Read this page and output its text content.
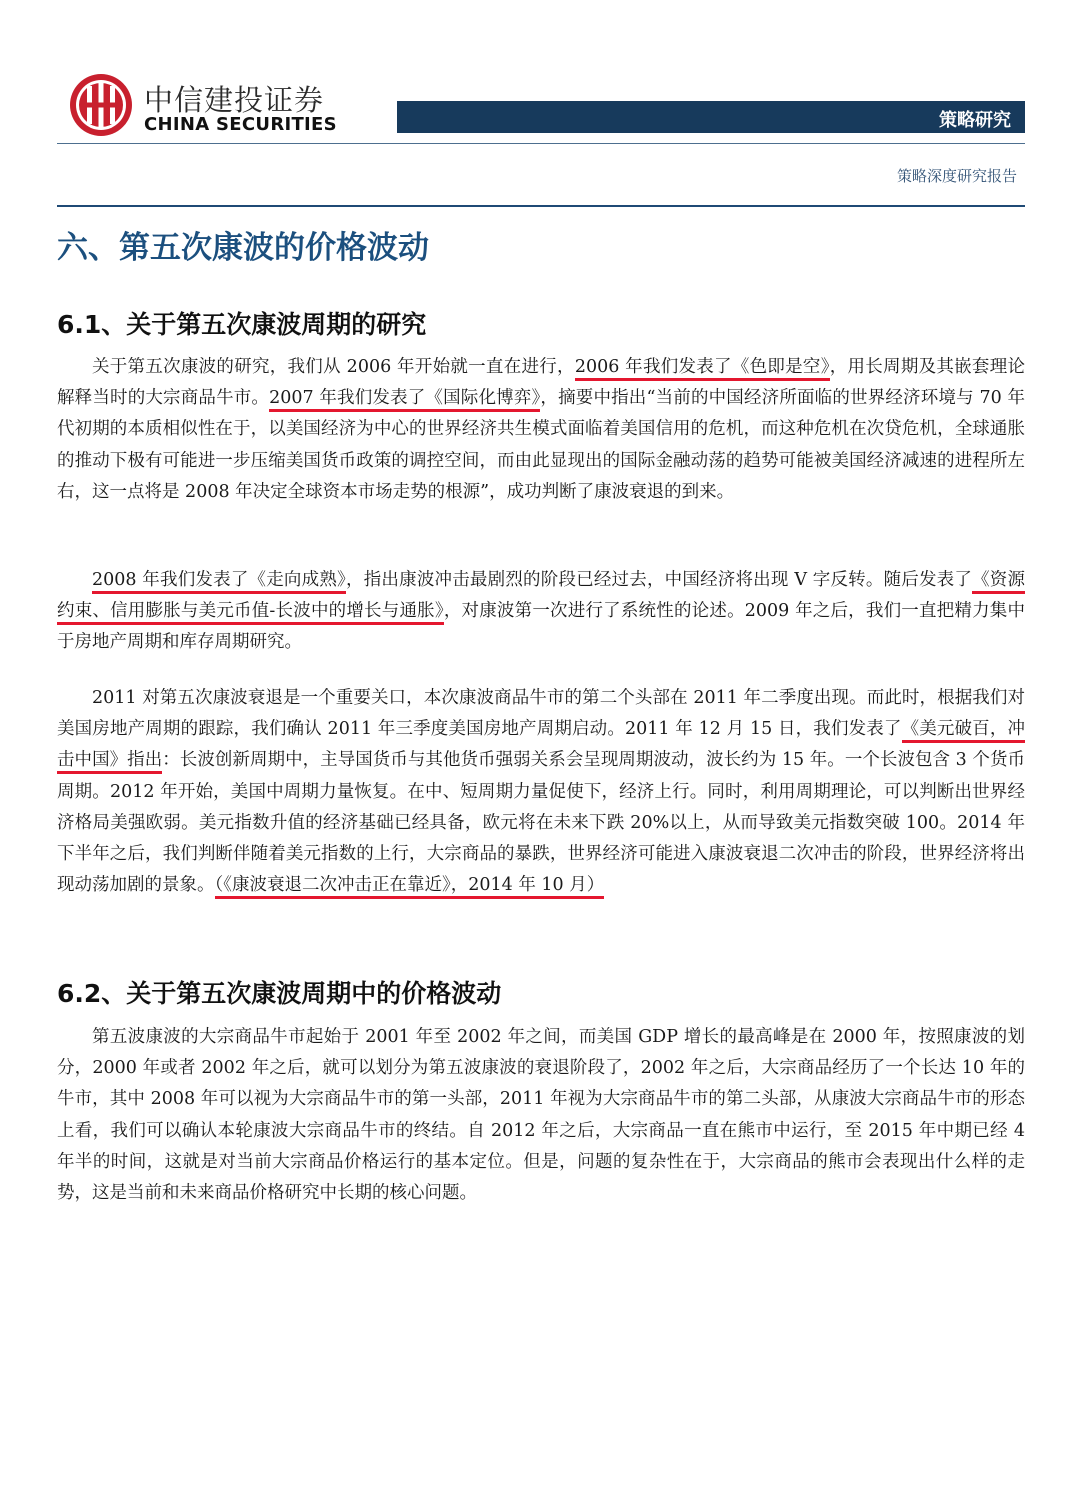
中信建投证券
CHINA SECURITIES	策略研究
策略深度研究报告
六、第五次康波的价格波动
6.1、关于第五次康波周期的研究

关于第五次康波的研究，我们从 2006 年开始就一直在进行，2006 年我们发表了《色即是空》，用长周期及其嵌套理论解释当时的大宗商品牛市。2007 年我们发表了《国际化博弈》，摘要中指出“当前的中国经济所面临的世界经济环境与 70 年代初期的本质相似性在于，以美国经济为中心的世界经济共生模式面临着美国信用的危机，而这种危机在次贷危机，全球通胀的推动下极有可能进一步压缩美国货币政策的调控空间，而由此显现出的国际金融动荡的趋势可能被美国经济减速的进程所左右，这一点将是 2008 年决定全球资本市场走势的根源”，成功判断了康波衰退的到来。

2008 年我们发表了《走向成熟》，指出康波冲击最剧烈的阶段已经过去，中国经济将出现 V 字反转。随后发表了《资源约束、信用膨胀与美元币值-长波中的增长与通胀》，对康波第一次进行了系统性的论述。2009 年之后，我们一直把精力集中于房地产周期和库存周期研究。

2011 对第五次康波衰退是一个重要关口，本次康波商品牛市的第二个头部在 2011 年二季度出现。而此时，根据我们对美国房地产周期的跟踪，我们确认 2011 年三季度美国房地产周期启动。2011 年 12 月 15 日，我们发表了《美元破百，冲击中国》指出：长波创新周期中，主导国货币与其他货币强弱关系会呈现周期波动，波长约为 15 年。一个长波包含 3 个货币周期。2012 年开始，美国中周期力量恢复。在中、短周期力量促使下，经济上行。同时，利用周期理论，可以判断出世界经济格局美强欧弱。美元指数升值的经济基础已经具备，欧元将在未来下跌 20%以上，从而导致美元指数突破 100。2014 年下半年之后，我们判断伴随着美元指数的上行，大宗商品的暴跌，世界经济可能进入康波衰退二次冲击的阶段，世界经济将出现动荡加剧的景象。（《康波衰退二次冲击正在靠近》，2014 年 10 月）

6.2、关于第五次康波周期中的价格波动

第五波康波的大宗商品牛市起始于 2001 年至 2002 年之间，而美国 GDP 增长的最高峰是在 2000 年，按照康波的划分，2000 年或者 2002 年之后，就可以划分为第五波康波的衰退阶段了，2002 年之后，大宗商品经历了一个长达 10 年的牛市，其中 2008 年可以视为大宗商品牛市的第一头部，2011 年视为大宗商品牛市的第二头部，从康波大宗商品牛市的形态上看，我们可以确认本轮康波大宗商品牛市的终结。自 2012 年之后，大宗商品一直在熊市中运行，至 2015 年中期已经 4 年半的时间，这就是对当前大宗商品价格运行的基本定位。但是，问题的复杂性在于，大宗商品的熊市会表现出什么样的走势，这是当前和未来商品价格研究中长期的核心问题。
